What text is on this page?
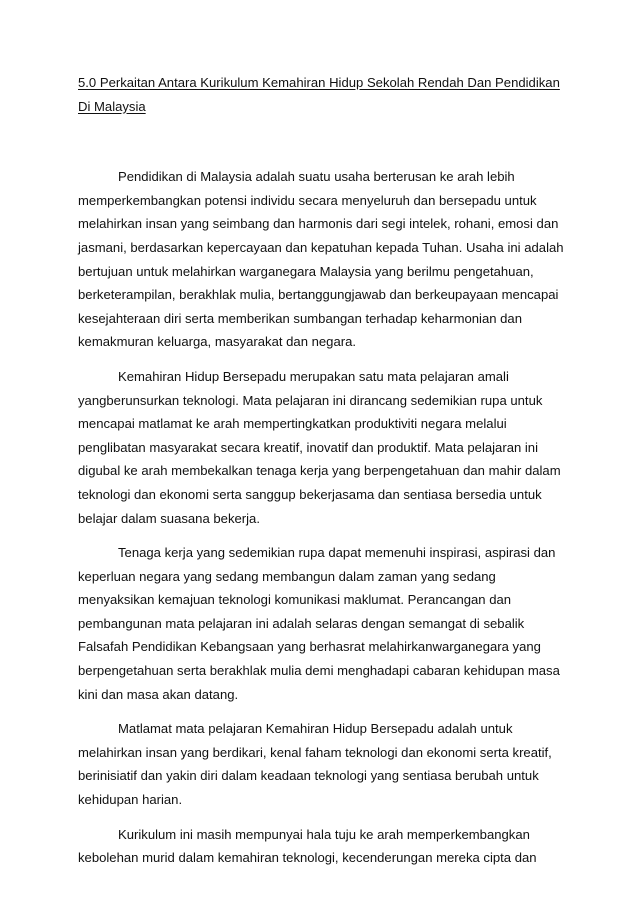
5.0 Perkaitan Antara Kurikulum Kemahiran Hidup Sekolah Rendah Dan Pendidikan
Di Malaysia

Pendidikan di Malaysia adalah suatu usaha berterusan ke arah lebih
memperkembangkan potensi individu secara menyeluruh dan bersepadu untuk
melahirkan insan yang seimbang dan harmonis dari segi intelek, rohani, emosi dan
jasmani, berdasarkan kepercayaan dan kepatuhan kepada Tuhan. Usaha ini adalah
bertujuan untuk melahirkan warganegara Malaysia yang berilmu pengetahuan,
berketerampilan, berakhlak mulia, bertanggungjawab dan berkeupayaan mencapai
kesejahteraan diri serta memberikan sumbangan terhadap keharmonian dan
kemakmuran keluarga, masyarakat dan negara.

Kemahiran Hidup Bersepadu merupakan satu mata pelajaran amali
yangberunsurkan teknologi. Mata pelajaran ini dirancang sedemikian rupa untuk
mencapai matlamat ke arah mempertingkatkan produktiviti negara melalui
penglibatan masyarakat secara kreatif, inovatif dan produktif. Mata pelajaran ini
digubal ke arah membekalkan tenaga kerja yang berpengetahuan dan mahir dalam
teknologi dan ekonomi serta sanggup bekerjasama dan sentiasa bersedia untuk
belajar dalam suasana bekerja.

Tenaga kerja yang sedemikian rupa dapat memenuhi inspirasi, aspirasi dan
keperluan negara yang sedang membangun dalam zaman yang sedang
menyaksikan kemajuan teknologi komunikasi maklumat. Perancangan dan
pembangunan mata pelajaran ini adalah selaras dengan semangat di sebalik
Falsafah Pendidikan Kebangsaan yang berhasrat melahirkanwarganegara yang
berpengetahuan serta berakhlak mulia demi menghadapi cabaran kehidupan masa
kini dan masa akan datang.

Matlamat mata pelajaran Kemahiran Hidup Bersepadu adalah untuk
melahirkan insan yang berdikari, kenal faham teknologi dan ekonomi serta kreatif,
berinisiatif dan yakin diri dalam keadaan teknologi yang sentiasa berubah untuk
kehidupan harian.

Kurikulum ini masih mempunyai hala tuju ke arah memperkembangkan
kebolehan murid dalam kemahiran teknologi, kecenderungan mereka cipta dan
